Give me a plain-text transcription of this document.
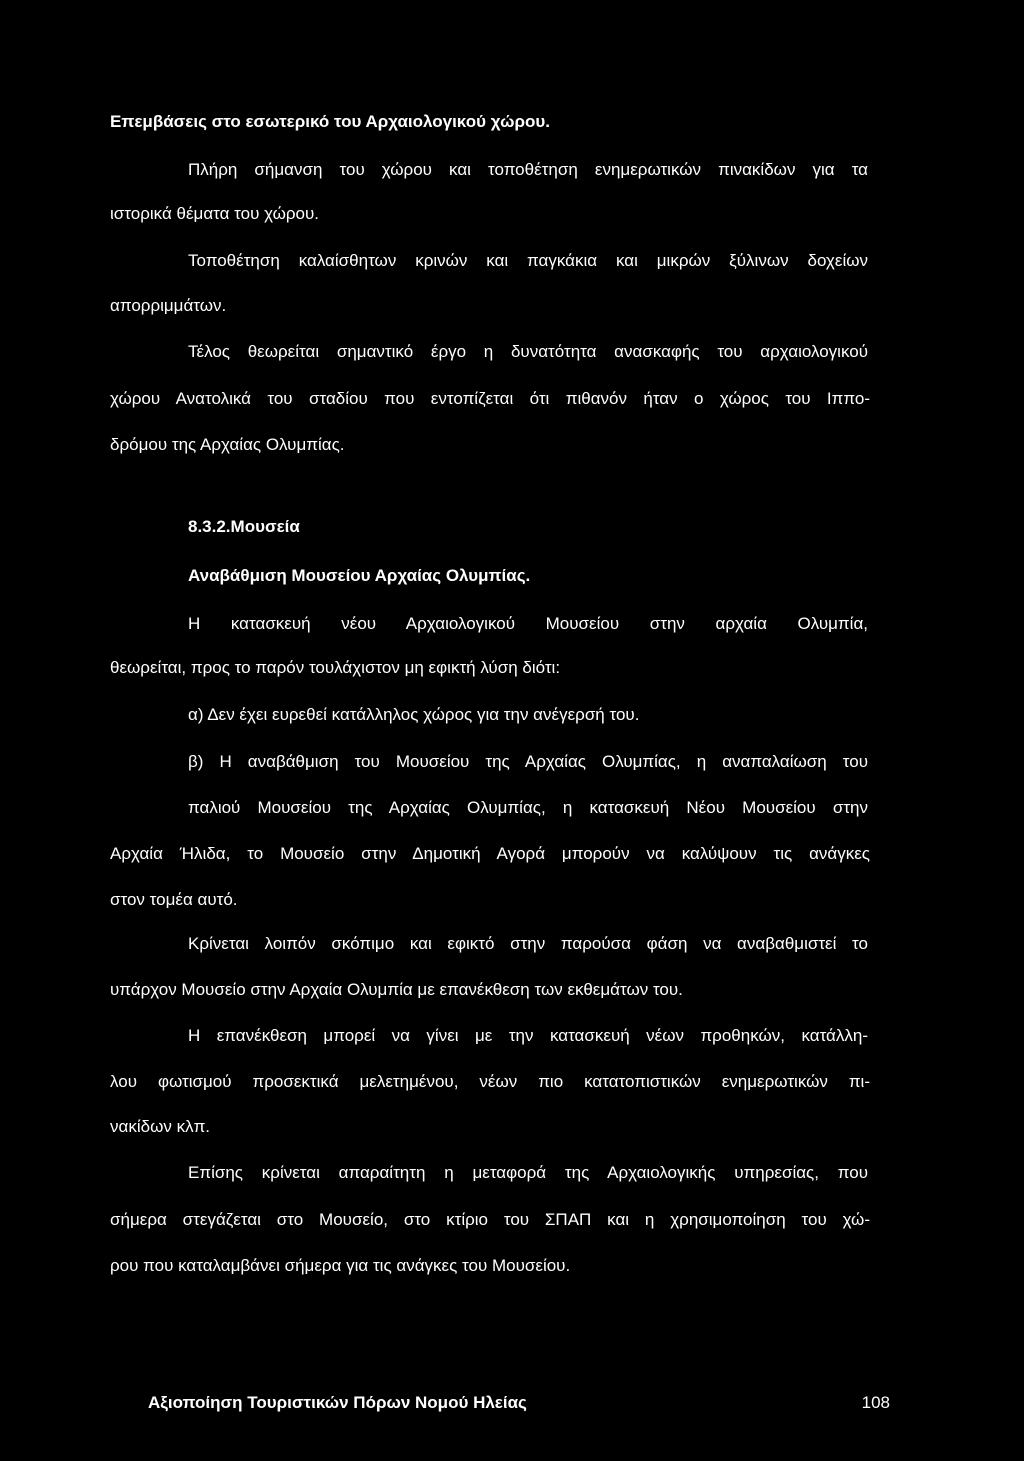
Επεμβάσεις στο εσωτερικό του Αρχαιολογικού χώρου.
Πλήρη σήμανση του χώρου και τοποθέτηση ενημερωτικών πινακίδων για τα
ιστορικά θέματα του χώρου.
Τοποθέτηση καλαίσθητων κρινών και παγκάκια και μικρών ξύλινων δοχείων
απορριμμάτων.
Τέλος θεωρείται σημαντικό έργο η δυνατότητα ανασκαφής του αρχαιολογικού
χώρου Ανατολικά του σταδίου που εντοπίζεται ότι πιθανόν ήταν ο χώρος του Ιππο-
δρόμου της Αρχαίας Ολυμπίας.
8.3.2.Μουσεία
Αναβάθμιση Μουσείου Αρχαίας Ολυμπίας.
Η κατασκευή νέου Αρχαιολογικού Μουσείου στην αρχαία Ολυμπία,
θεωρείται, προς το παρόν τουλάχιστον μη εφικτή λύση διότι:
α) Δεν έχει ευρεθεί κατάλληλος χώρος για την ανέγερσή του.
β) Η αναβάθμιση του Μουσείου της Αρχαίας Ολυμπίας, η αναπαλαίωση του
παλιού Μουσείου της Αρχαίας Ολυμπίας, η κατασκευή Νέου Μουσείου στην
Αρχαία Ήλιδα, το Μουσείο στην Δημοτική Αγορά μπορούν να καλύψουν τις ανάγκες
στον τομέα αυτό.
Κρίνεται λοιπόν σκόπιμο και εφικτό στην παρούσα φάση να αναβαθμιστεί το
υπάρχον Μουσείο στην Αρχαία Ολυμπία με επανέκθεση των εκθεμάτων του.
Η επανέκθεση μπορεί να γίνει με την κατασκευή νέων προθηκών, κατάλλη-
λου φωτισμού προσεκτικά μελετημένου, νέων πιο κατατοπιστικών ενημερωτικών πι-
νακίδων κλπ.
Επίσης κρίνεται απαραίτητη η μεταφορά της Αρχαιολογικής υπηρεσίας, που
σήμερα στεγάζεται στο Μουσείο, στο κτίριο του ΣΠΑΠ και η χρησιμοποίηση του χώ-
ρου που καταλαμβάνει σήμερα για τις ανάγκες του Μουσείου.
Αξιοποίηση Τουριστικών Πόρων Νομού Ηλείας	108
